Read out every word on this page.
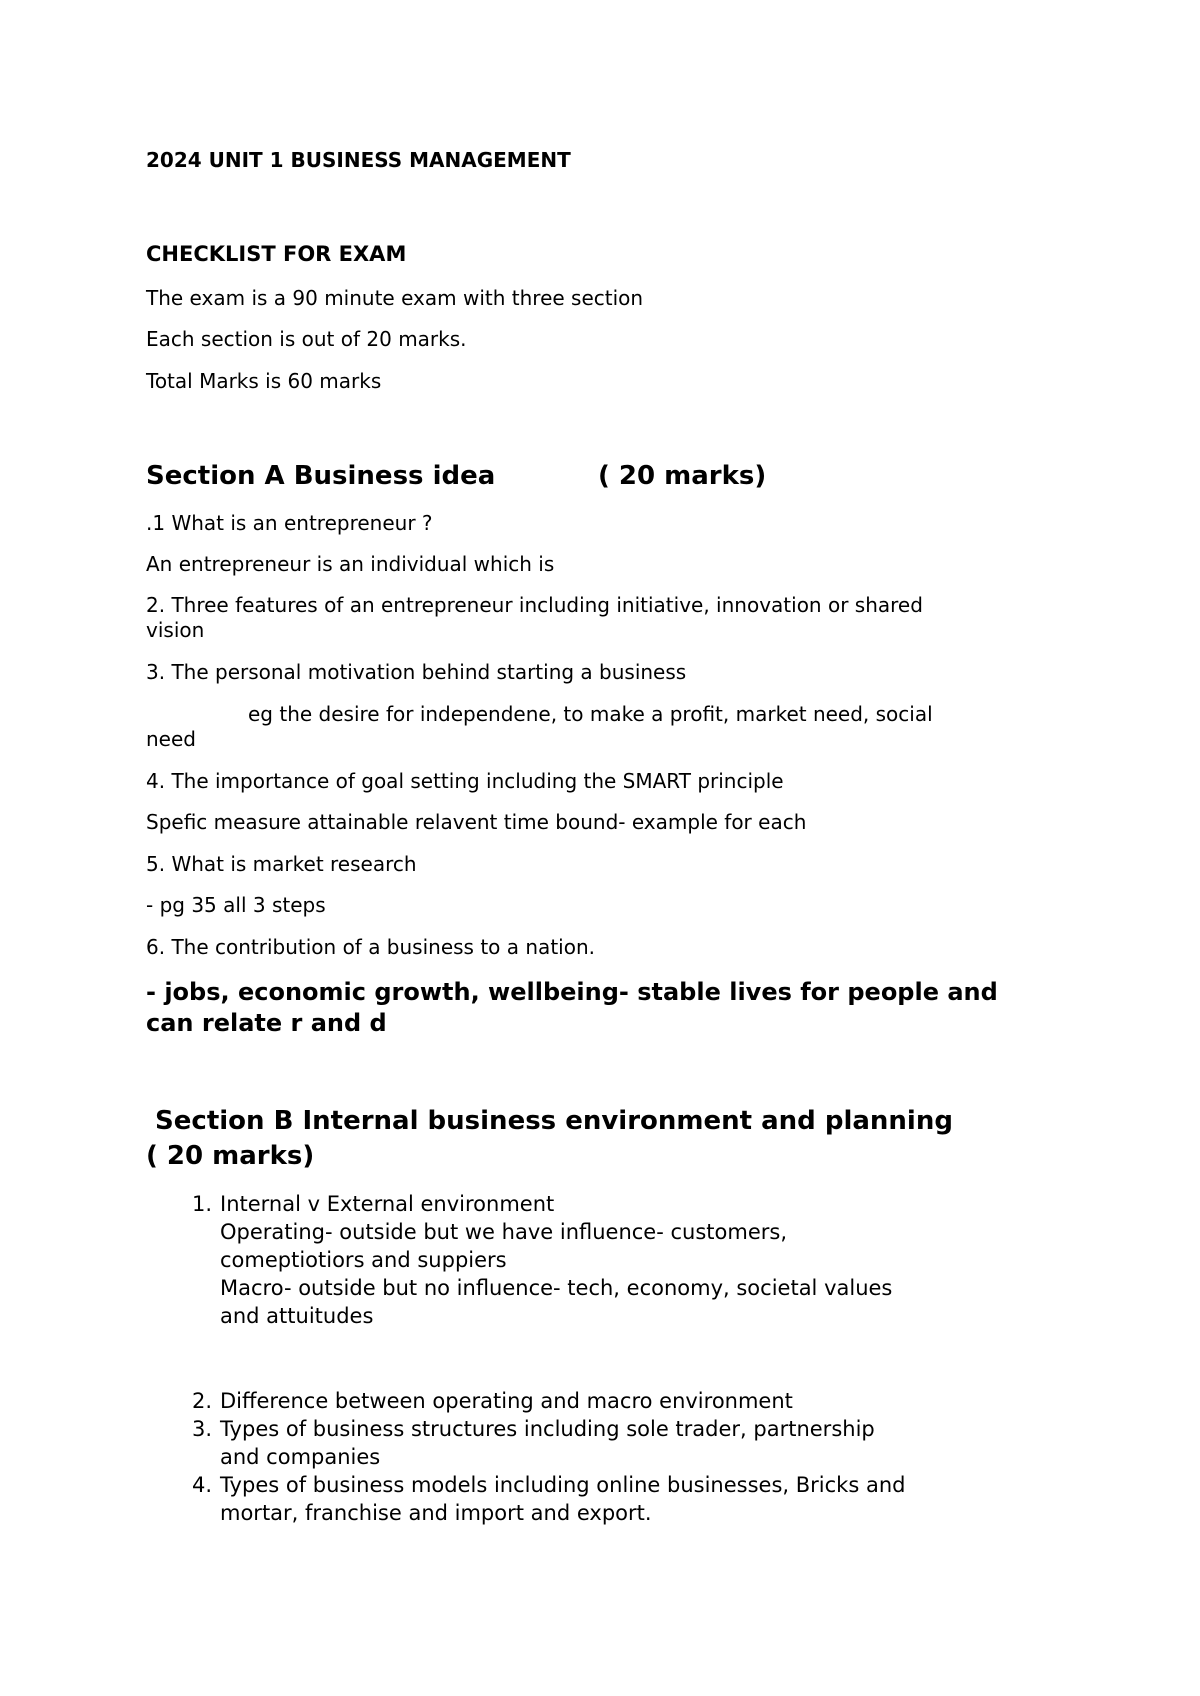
2024 UNIT 1 BUSINESS MANAGEMENT
CHECKLIST FOR EXAM
The exam is a 90 minute exam with three section
Each section is out of 20 marks.
Total Marks is 60 marks
Section A Business idea	( 20 marks)
.1 What is an entrepreneur ?
An entrepreneur is an individual which is
2. Three features of an entrepreneur including initiative, innovation or shared
vision
3. The personal motivation behind starting a business
eg the desire for independene, to make a profit, market need, social
need
4. The importance of goal setting including the SMART principle
Spefic measure attainable relavent time bound- example for each
5. What is market research
- pg 35 all 3 steps
6. The contribution of a business to a nation.
- jobs, economic growth, wellbeing- stable lives for people and
can relate r and d
Section B Internal business environment and planning
( 20 marks)
1. Internal v External environment
Operating- outside but we have influence- customers,
comeptiotiors and suppiers
Macro- outside but no influence- tech, economy, societal values
and attuitudes
2. Difference between operating and macro environment
3. Types of business structures including sole trader, partnership
and companies
4. Types of business models including online businesses, Bricks and
mortar, franchise and import and export.
